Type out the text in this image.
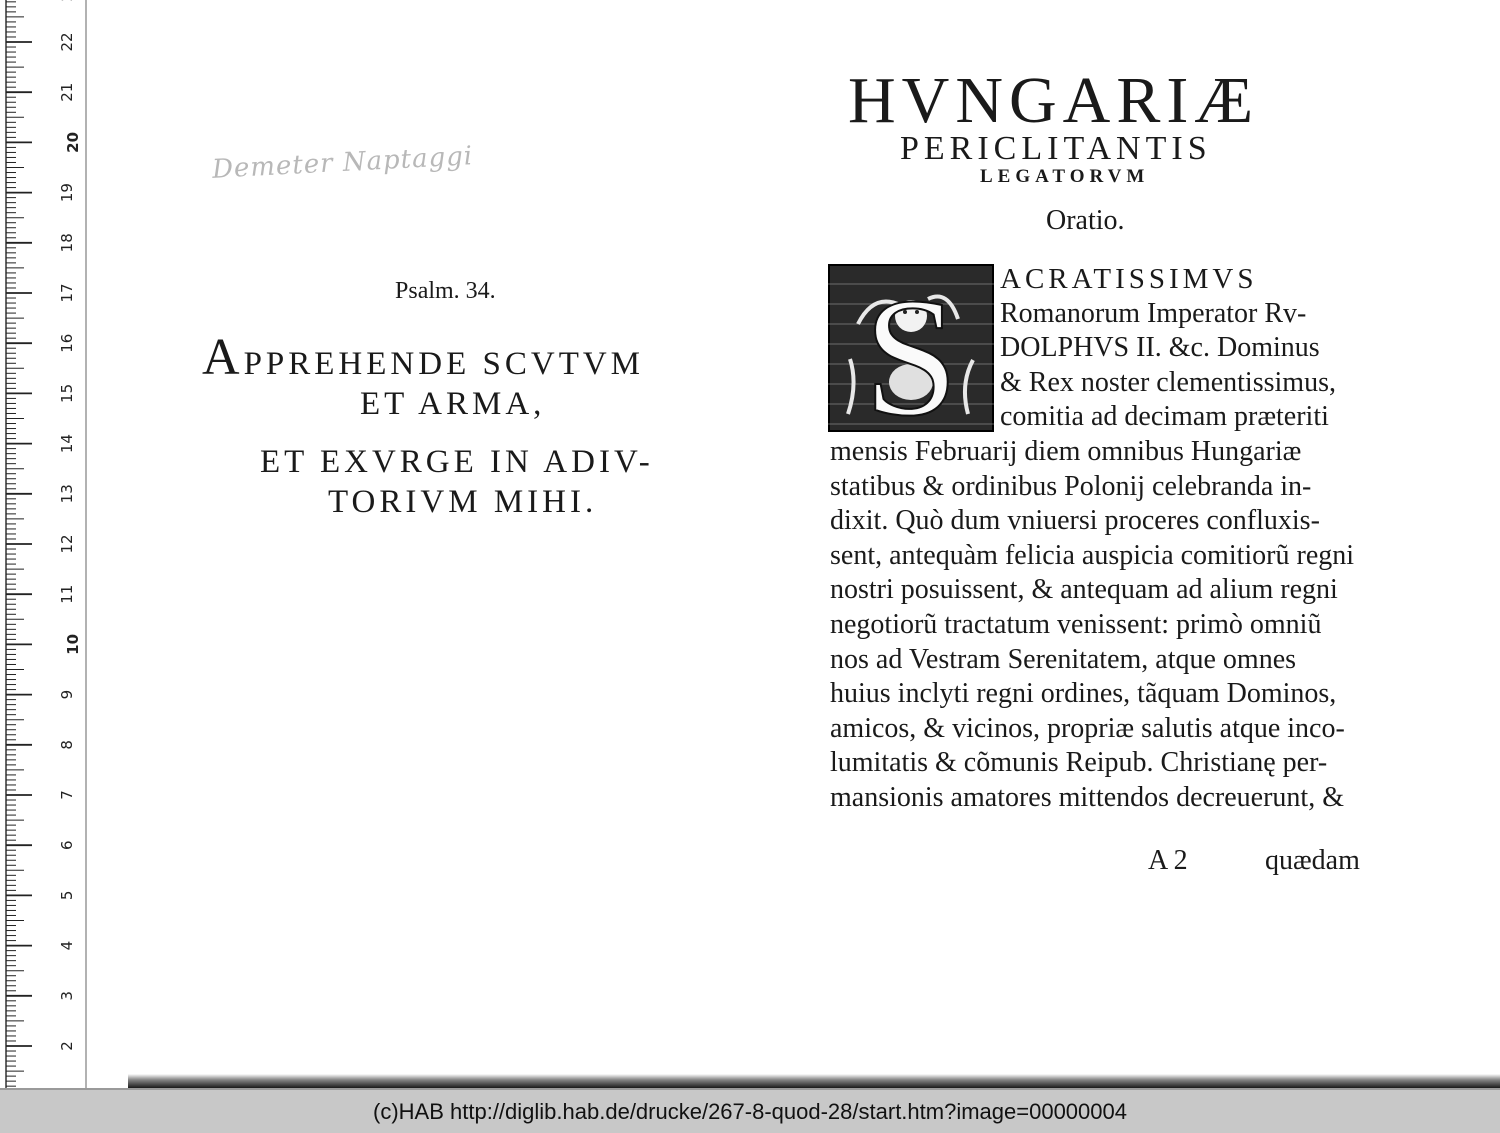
2
3
4
5
6
7
8
9
10
11
12
13
14
15
16
17
18
19
20
21
22
Demeter Naptaggi
Psalm. 34.
APPREHENDE SCVTVM
ET ARMA,
ET EXVRGE IN ADIV-
TORIVM MIHI.
HVNGARIÆ
PERICLITANTIS
LEGATORVM
Oratio.
S	ACRATISSIMVS
Romanorum Imperator Rv-
DOLPHVS II. &c. Dominus
& Rex noster clementissimus,
comitia ad decimam præteriti
mensis Februarij diem omnibus Hungariæ
statibus & ordinibus Polonij celebranda in-
dixit. Quò dum vniuersi proceres confluxis-
sent, antequàm felicia auspicia comitiorũ regni
nostri posuissent, & antequam ad alium regni
negotiorũ tractatum venissent: primò omniũ
nos ad Vestram Serenitatem, atque omnes
huius inclyti regni ordines, tãquam Dominos,
amicos, & vicinos, propriæ salutis atque inco-
lumitatis & cõmunis Reipub. Christianę per-
mansionis amatores mittendos decreuerunt, &
A 2	quædam
(c)HAB http://diglib.hab.de/drucke/267-8-quod-28/start.htm?image=00000004
